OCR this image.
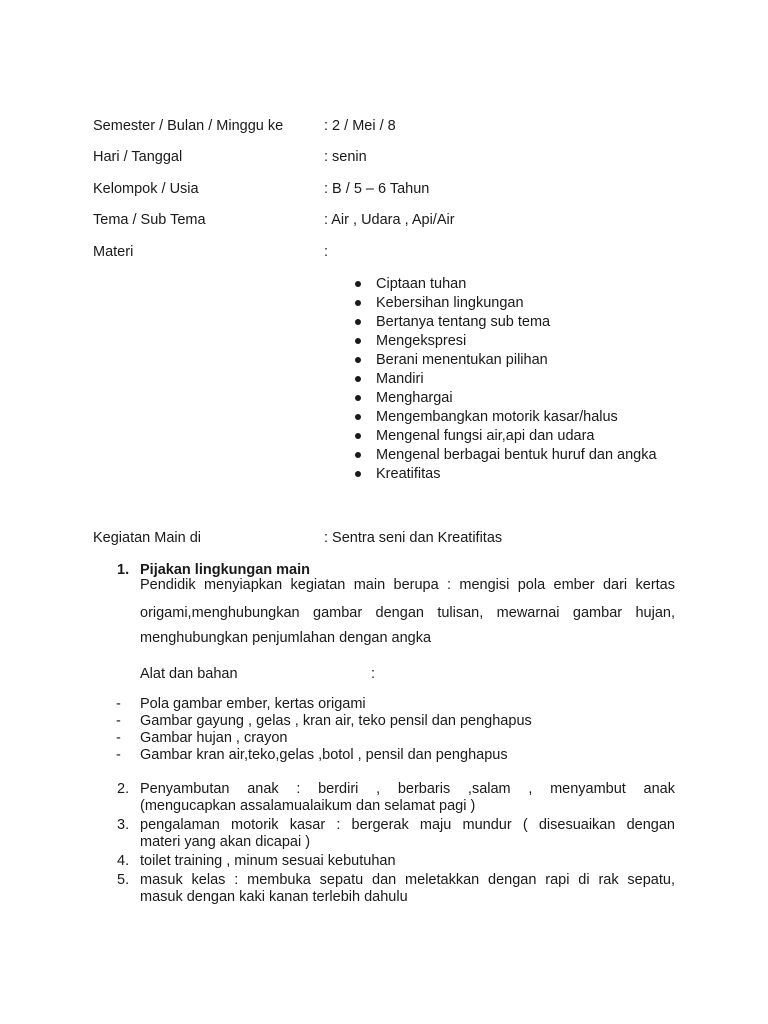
Semester / Bulan / Minggu ke	: 2 / Mei / 8
Hari / Tanggal	: senin
Kelompok / Usia	: B / 5 – 6 Tahun
Tema / Sub Tema	: Air , Udara , Api/Air
Materi	:
Ciptaan tuhan
Kebersihan lingkungan
Bertanya tentang sub tema
Mengekspresi
Berani menentukan pilihan
Mandiri
Menghargai
Mengembangkan motorik kasar/halus
Mengenal fungsi air,api dan udara
Mengenal berbagai bentuk huruf dan angka
Kreatifitas
Kegiatan Main di	: Sentra seni dan Kreatifitas
1. Pijakan lingkungan main
Pendidik menyiapkan kegiatan main berupa : mengisi pola ember dari kertas
origami,menghubungkan gambar dengan tulisan, mewarnai gambar hujan,
menghubungkan penjumlahan dengan angka
Alat dan bahan	:
- Pola gambar ember, kertas origami
- Gambar gayung , gelas , kran air, teko pensil dan penghapus
- Gambar hujan , crayon
- Gambar kran air,teko,gelas ,botol , pensil dan penghapus
2. Penyambutan anak : berdiri , berbaris ,salam , menyambut anak
(mengucapkan assalamualaikum dan selamat pagi )
3. pengalaman motorik kasar : bergerak maju mundur ( disesuaikan dengan
materi yang akan dicapai )
4. toilet training , minum sesuai kebutuhan
5. masuk kelas : membuka sepatu dan meletakkan dengan rapi di rak sepatu,
masuk dengan kaki kanan terlebih dahulu
